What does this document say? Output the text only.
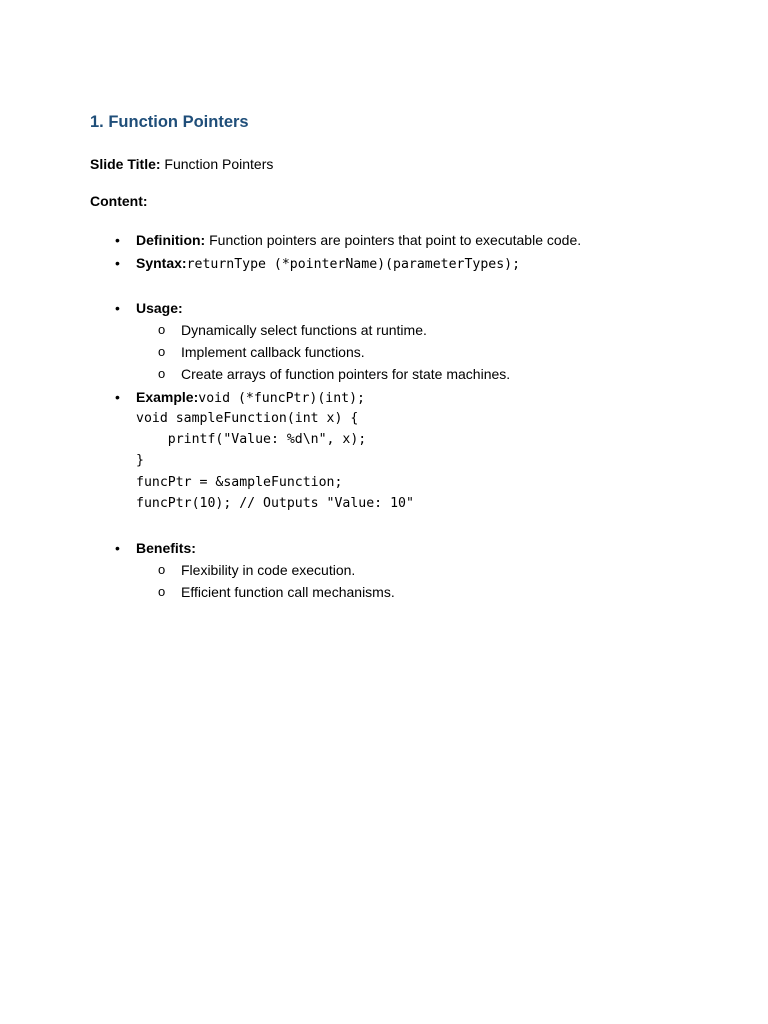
1. Function Pointers
Slide Title: Function Pointers
Content:
• Definition: Function pointers are pointers that point to executable code.
• Syntax:returnType (*pointerName)(parameterTypes);
• Usage:
o Dynamically select functions at runtime.
o Implement callback functions.
o Create arrays of function pointers for state machines.
• Example:void (*funcPtr)(int);
void sampleFunction(int x) {
printf("Value: %d\n", x);
}
funcPtr = &sampleFunction;
funcPtr(10); // Outputs "Value: 10"
• Benefits:
o Flexibility in code execution.
o Efficient function call mechanisms.
